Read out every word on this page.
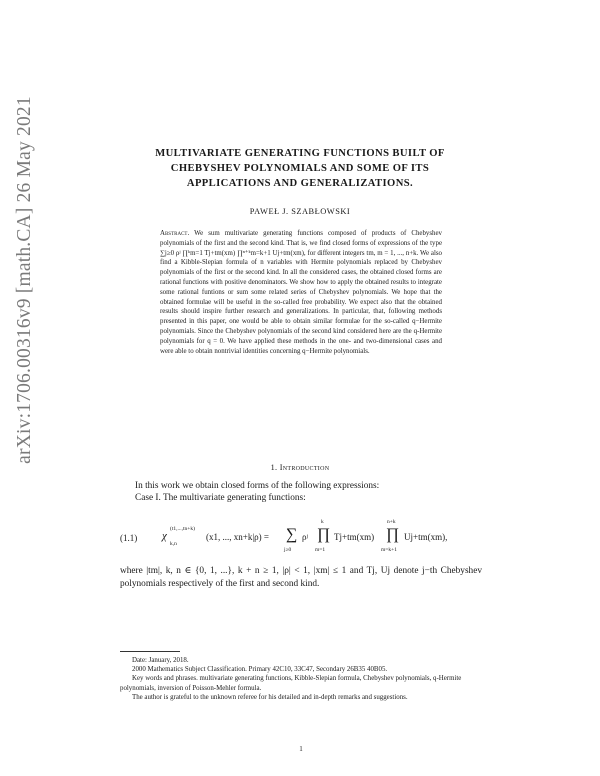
arXiv:1706.00316v9 [math.CA] 26 May 2021	MULTIVARIATE GENERATING FUNCTIONS BUILT OF
CHEBYSHEV POLYNOMIALS AND SOME OF ITS
APPLICATIONS AND GENERALIZATIONS.
PAWEŁ J. SZABŁOWSKI
Abstract. We sum multivariate generating functions composed of products of Chebyshev polynomials of the first and the second kind. That is, we find closed forms of expressions of the type ∑j≥0 ρʲ ∏ᵏm=1 Tj+tm(xm) ∏ⁿ⁺ᵏm=k+1 Uj+tm(xm), for different integers tm, m = 1, ..., n+k. We also find a Kibble-Slepian formula of n variables with Hermite polynomials replaced by Chebyshev polynomials of the first or the second kind. In all the considered cases, the obtained closed forms are rational functions with positive denominators. We show how to apply the obtained results to integrate some rational funtions or sum some related series of Chebyshev polynomials. We hope that the obtained formulae will be useful in the so-called free probability. We expect also that the obtained results should inspire further research and generalizations. In particular, that, following methods presented in this paper, one would be able to obtain similar formulae for the so-called q−Hermite polynomials. Since the Chebyshev polynomials of the second kind considered here are the q-Hermite polynomials for q = 0. We have applied these methods in the one- and two-dimensional cases and were able to obtain nontrivial identities concerning q−Hermite polynomials.
1. Introduction
In this work we obtain closed forms of the following expressions:
Case I. The multivariate generating functions:
(1.1) χ
(t1,...,tn+k)
k,n
(x1, ..., xn+k|ρ) = ∑
j≥0
ρʲ ∏
k
m=1
Tj+tm(xm) ∏
n+k
m=k+1
Uj+tm(xm),
where |tm|, k, n ∈ {0, 1, ...}, k + n ≥ 1, |ρ| < 1, |xm| ≤ 1 and Tj, Uj denote j−th Chebyshev polynomials respectively of the first and second kind.

Date: January, 2018.

2000 Mathematics Subject Classification. Primary 42C10, 33C47, Secondary 26B35 40B05.

Key words and phrases. multivariate generating functions, Kibble-Slepian formula, Chebyshev polynomials, q-Hermite polynomials, inversion of Poisson-Mehler formula.

The author is grateful to the unknown referee for his detailed and in-depth remarks and suggestions.

1
